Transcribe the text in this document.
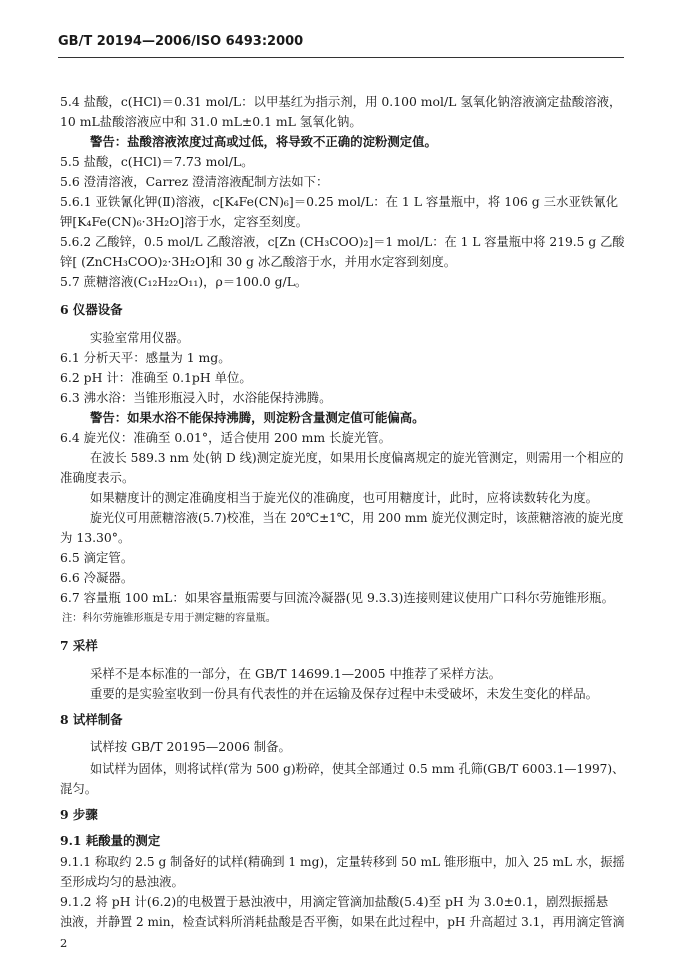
GB/T 20194—2006/ISO 6493:2000
5.4 盐酸，c(HCl)＝0.31 mol/L：以甲基红为指示剂，用 0.100 mol/L 氢氧化钠溶液滴定盐酸溶液，
10 mL盐酸溶液应中和 31.0 mL±0.1 mL 氢氧化钠。
警告：盐酸溶液浓度过高或过低，将导致不正确的淀粉测定值。
5.5 盐酸，c(HCl)＝7.73 mol/L。
5.6 澄清溶液，Carrez 澄清溶液配制方法如下：
5.6.1 亚铁氰化钾(Ⅱ)溶液，c[K₄Fe(CN)₆]＝0.25 mol/L：在 1 L 容量瓶中，将 106 g 三水亚铁氰化
钾[K₄Fe(CN)₆·3H₂O]溶于水，定容至刻度。
5.6.2 乙酸锌，0.5 mol/L 乙酸溶液，c[Zn (CH₃COO)₂]＝1 mol/L：在 1 L 容量瓶中将 219.5 g 乙酸
锌[ (ZnCH₃COO)₂·3H₂O]和 30 g 冰乙酸溶于水，并用水定容到刻度。
5.7 蔗糖溶液(C₁₂H₂₂O₁₁)，ρ＝100.0 g/L。
6 仪器设备
实验室常用仪器。
6.1 分析天平：感量为 1 mg。
6.2 pH 计：准确至 0.1pH 单位。
6.3 沸水浴：当锥形瓶浸入时，水浴能保持沸腾。
警告：如果水浴不能保持沸腾，则淀粉含量测定值可能偏高。
6.4 旋光仪：准确至 0.01°，适合使用 200 mm 长旋光管。
在波长 589.3 nm 处(钠 D 线)测定旋光度，如果用长度偏离规定的旋光管测定，则需用一个相应的
准确度表示。
如果糖度计的测定准确度相当于旋光仪的准确度，也可用糖度计，此时，应将读数转化为度。
旋光仪可用蔗糖溶液(5.7)校准，当在 20℃±1℃，用 200 mm 旋光仪测定时，该蔗糖溶液的旋光度
为 13.30°。
6.5 滴定管。
6.6 冷凝器。
6.7 容量瓶 100 mL：如果容量瓶需要与回流冷凝器(见 9.3.3)连接则建议使用广口科尔劳施锥形瓶。
注：科尔劳施锥形瓶是专用于测定糖的容量瓶。
7 采样
采样不是本标准的一部分，在 GB/T 14699.1—2005 中推荐了采样方法。
重要的是实验室收到一份具有代表性的并在运输及保存过程中未受破坏，未发生变化的样品。
8 试样制备
试样按 GB/T 20195—2006 制备。
如试样为固体，则将试样(常为 500 g)粉碎，使其全部通过 0.5 mm 孔筛(GB/T 6003.1—1997)、
混匀。
9 步骤
9.1 耗酸量的测定
9.1.1 称取约 2.5 g 制备好的试样(精确到 1 mg)，定量转移到 50 mL 锥形瓶中，加入 25 mL 水，振摇
至形成均匀的悬浊液。
9.1.2 将 pH 计(6.2)的电极置于悬浊液中，用滴定管滴加盐酸(5.4)至 pH 为 3.0±0.1，剧烈振摇悬
浊液，并静置 2 min，检查试料所消耗盐酸是否平衡，如果在此过程中，pH 升高超过 3.1，再用滴定管滴
2
